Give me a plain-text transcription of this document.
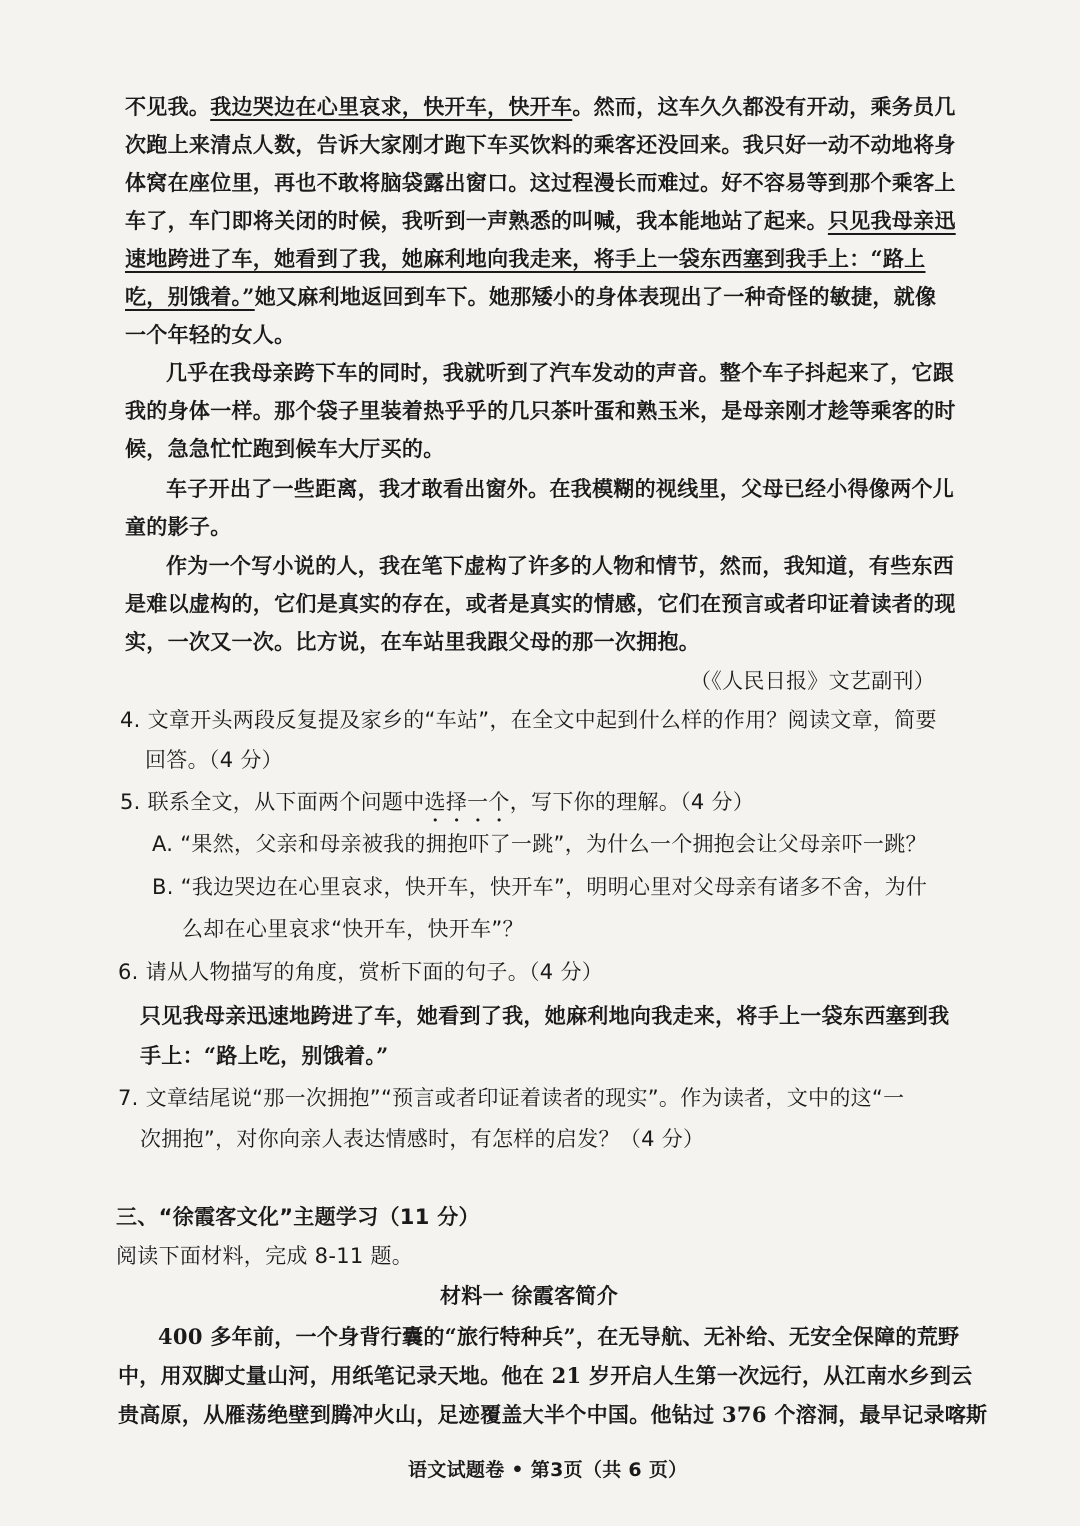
不见我。我边哭边在心里哀求，快开车，快开车。然而，这车久久都没有开动，乘务员几
次跑上来清点人数，告诉大家刚才跑下车买饮料的乘客还没回来。我只好一动不动地将身
体窝在座位里，再也不敢将脑袋露出窗口。这过程漫长而难过。好不容易等到那个乘客上
车了，车门即将关闭的时候，我听到一声熟悉的叫喊，我本能地站了起来。只见我母亲迅
速地跨进了车，她看到了我，她麻利地向我走来，将手上一袋东西塞到我手上：“路上
吃，别饿着。”她又麻利地返回到车下。她那矮小的身体表现出了一种奇怪的敏捷，就像
一个年轻的女人。
几乎在我母亲跨下车的同时，我就听到了汽车发动的声音。整个车子抖起来了，它跟
我的身体一样。那个袋子里装着热乎乎的几只茶叶蛋和熟玉米，是母亲刚才趁等乘客的时
候，急急忙忙跑到候车大厅买的。
车子开出了一些距离，我才敢看出窗外。在我模糊的视线里，父母已经小得像两个儿
童的影子。
作为一个写小说的人，我在笔下虚构了许多的人物和情节，然而，我知道，有些东西
是难以虚构的，它们是真实的存在，或者是真实的情感，它们在预言或者印证着读者的现
实，一次又一次。比方说，在车站里我跟父母的那一次拥抱。
（《人民日报》文艺副刊）
4. 文章开头两段反复提及家乡的“车站”，在全文中起到什么样的作用？阅读文章，简要
回答。（4 分）
5. 联系全文，从下面两个问题中选择一个，写下你的理解。（4 分）
A. “果然，父亲和母亲被我的拥抱吓了一跳”，为什么一个拥抱会让父母亲吓一跳？
B. “我边哭边在心里哀求，快开车，快开车”，明明心里对父母亲有诸多不舍，为什
么却在心里哀求“快开车，快开车”？
6. 请从人物描写的角度，赏析下面的句子。（4 分）
只见我母亲迅速地跨进了车，她看到了我，她麻利地向我走来，将手上一袋东西塞到我
手上：“路上吃，别饿着。”
7. 文章结尾说“那一次拥抱”“预言或者印证着读者的现实”。作为读者，文中的这“一
次拥抱”，对你向亲人表达情感时，有怎样的启发？（4 分）
三、“徐霞客文化”主题学习（11 分）
阅读下面材料，完成 8-11 题。
材料一 徐霞客简介
400 多年前，一个身背行囊的“旅行特种兵”，在无导航、无补给、无安全保障的荒野
中，用双脚丈量山河，用纸笔记录天地。他在 21 岁开启人生第一次远行，从江南水乡到云
贵高原，从雁荡绝壁到腾冲火山，足迹覆盖大半个中国。他钻过 376 个溶洞，最早记录喀斯
语文试题卷 • 第3页（共 6 页）
